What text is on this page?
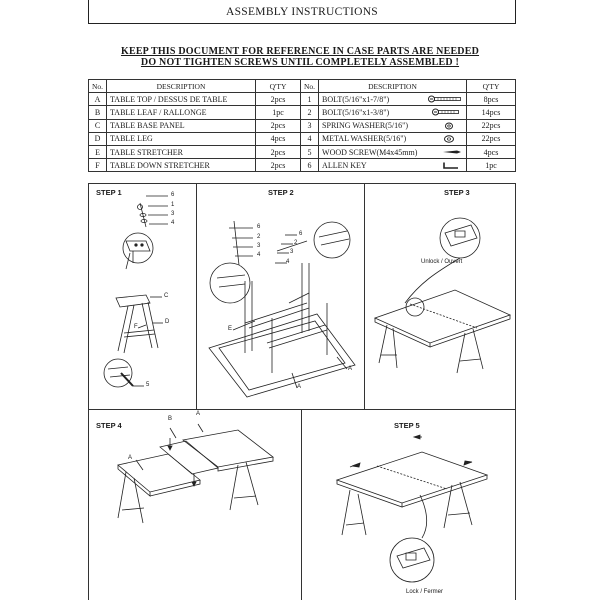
ASSEMBLY INSTRUCTIONS
KEEP THIS DOCUMENT FOR REFERENCE IN CASE PARTS ARE NEEDED
DO NOT TIGHTEN SCREWS UNTIL COMPLETELY ASSEMBLED !
No.	DESCRIPTION	Q'TY	No.	DESCRIPTION	Q'TY
A	TABLE TOP / DESSUS DE TABLE	2pcs	1	BOLT(5/16"x1-7/8")	8pcs
B	TABLE LEAF / RALLONGE	1pc	2	BOLT(5/16"x1-3/8")	14pcs
C	TABLE BASE PANEL	2pcs	3	SPRING WASHER(5/16")	22pcs
D	TABLE LEG	4pcs	4	METAL WASHER(5/16")	22pcs
E	TABLE STRETCHER	2pcs	5	WOOD SCREW(M4x45mm)	4pcs
F	TABLE DOWN STRETCHER	2pcs	6	ALLEN KEY	1pc
STEP 1	STEP 2	STEP 3
STEP 4	STEP 5
6
1
3
4
C
F
D
5
6
2
3
4
6
2
3
4
E
A
A
Unlock / Ouvert
B
A
A
Lock / Fermer
